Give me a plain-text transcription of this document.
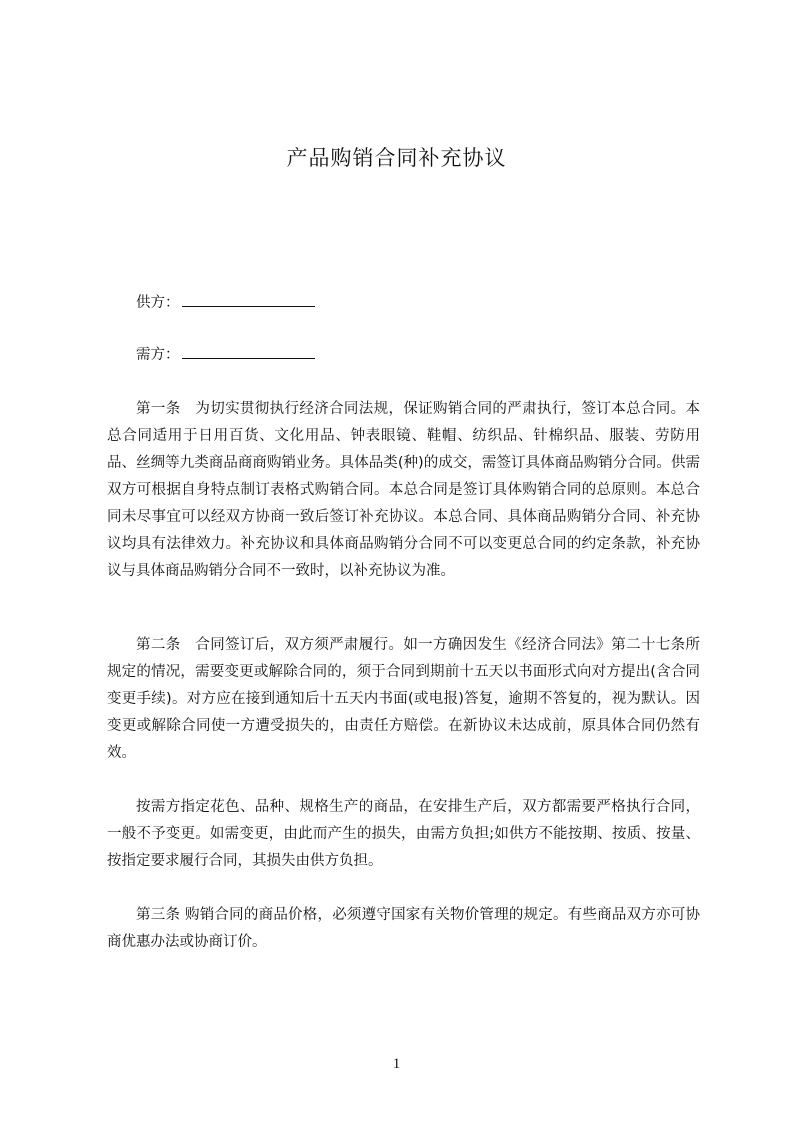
产品购销合同补充协议
供方：
需方：

第一条　为切实贯彻执行经济合同法规，保证购销合同的严肃执行，签订本总合同。本总合同适用于日用百货、文化用品、钟表眼镜、鞋帽、纺织品、针棉织品、服装、劳防用品、丝绸等九类商品商商购销业务。具体品类(种)的成交，需签订具体商品购销分合同。供需双方可根据自身特点制订表格式购销合同。本总合同是签订具体购销合同的总原则。本总合同未尽事宜可以经双方协商一致后签订补充协议。本总合同、具体商品购销分合同、补充协议均具有法律效力。补充协议和具体商品购销分合同不可以变更总合同的约定条款，补充协议与具体商品购销分合同不一致时，以补充协议为准。

第二条　合同签订后，双方须严肃履行。如一方确因发生《经济合同法》第二十七条所规定的情况，需要变更或解除合同的，须于合同到期前十五天以书面形式向对方提出(含合同变更手续)。对方应在接到通知后十五天内书面(或电报)答复，逾期不答复的，视为默认。因变更或解除合同使一方遭受损失的，由责任方赔偿。在新协议未达成前，原具体合同仍然有效。

按需方指定花色、品种、规格生产的商品，在安排生产后，双方都需要严格执行合同，一般不予变更。如需变更，由此而产生的损失，由需方负担;如供方不能按期、按质、按量、按指定要求履行合同，其损失由供方负担。

第三条 购销合同的商品价格，必须遵守国家有关物价管理的规定。有些商品双方亦可协商优惠办法或协商订价。

1
